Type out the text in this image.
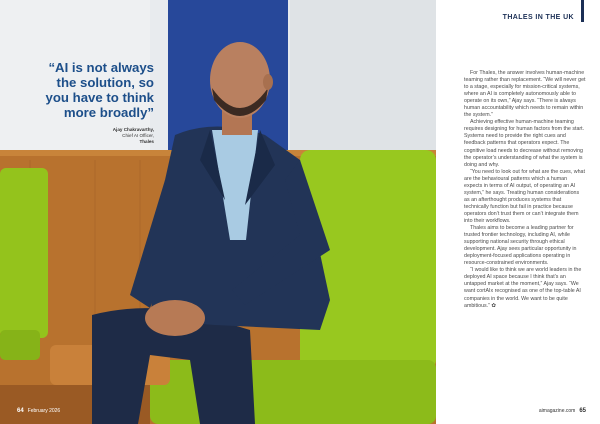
“AI is not always
the solution, so
you have to think
more broadly”

Ajay Chakravarthy,
Chief AI Officer,
Thales
64 February 2026
THALES IN THE UK

For Thales, the answer involves human-machine teaming rather than replacement. “We will never get to a stage, especially for mission-critical systems, where an AI is completely autonomously able to operate on its own,” Ajay says. “There is always human accountability which needs to remain within the system.”

Achieving effective human-machine teaming requires designing for human factors from the start. Systems need to provide the right cues and feedback patterns that operators expect. The cognitive load needs to decrease without removing the operator’s understanding of what the system is doing and why.

“You need to look out for what are the cues, what are the behavioural patterns which a human expects in terms of AI output, of operating an AI system,” he says. Treating human considerations as an afterthought produces systems that technically function but fail in practice because operators don’t trust them or can’t integrate them into their workflows.

Thales aims to become a leading partner for trusted frontier technology, including AI, while supporting national security through ethical development. Ajay sees particular opportunity in deployment-focused applications operating in resource-constrained environments.

“I would like to think we are world leaders in the deployed AI space because I think that’s an untapped market at the moment,” Ajay says. “We want cortAIx recognised as one of the top-table AI companies in the world. We want to be quite ambitious.” ✿

aimagazine.com 65
